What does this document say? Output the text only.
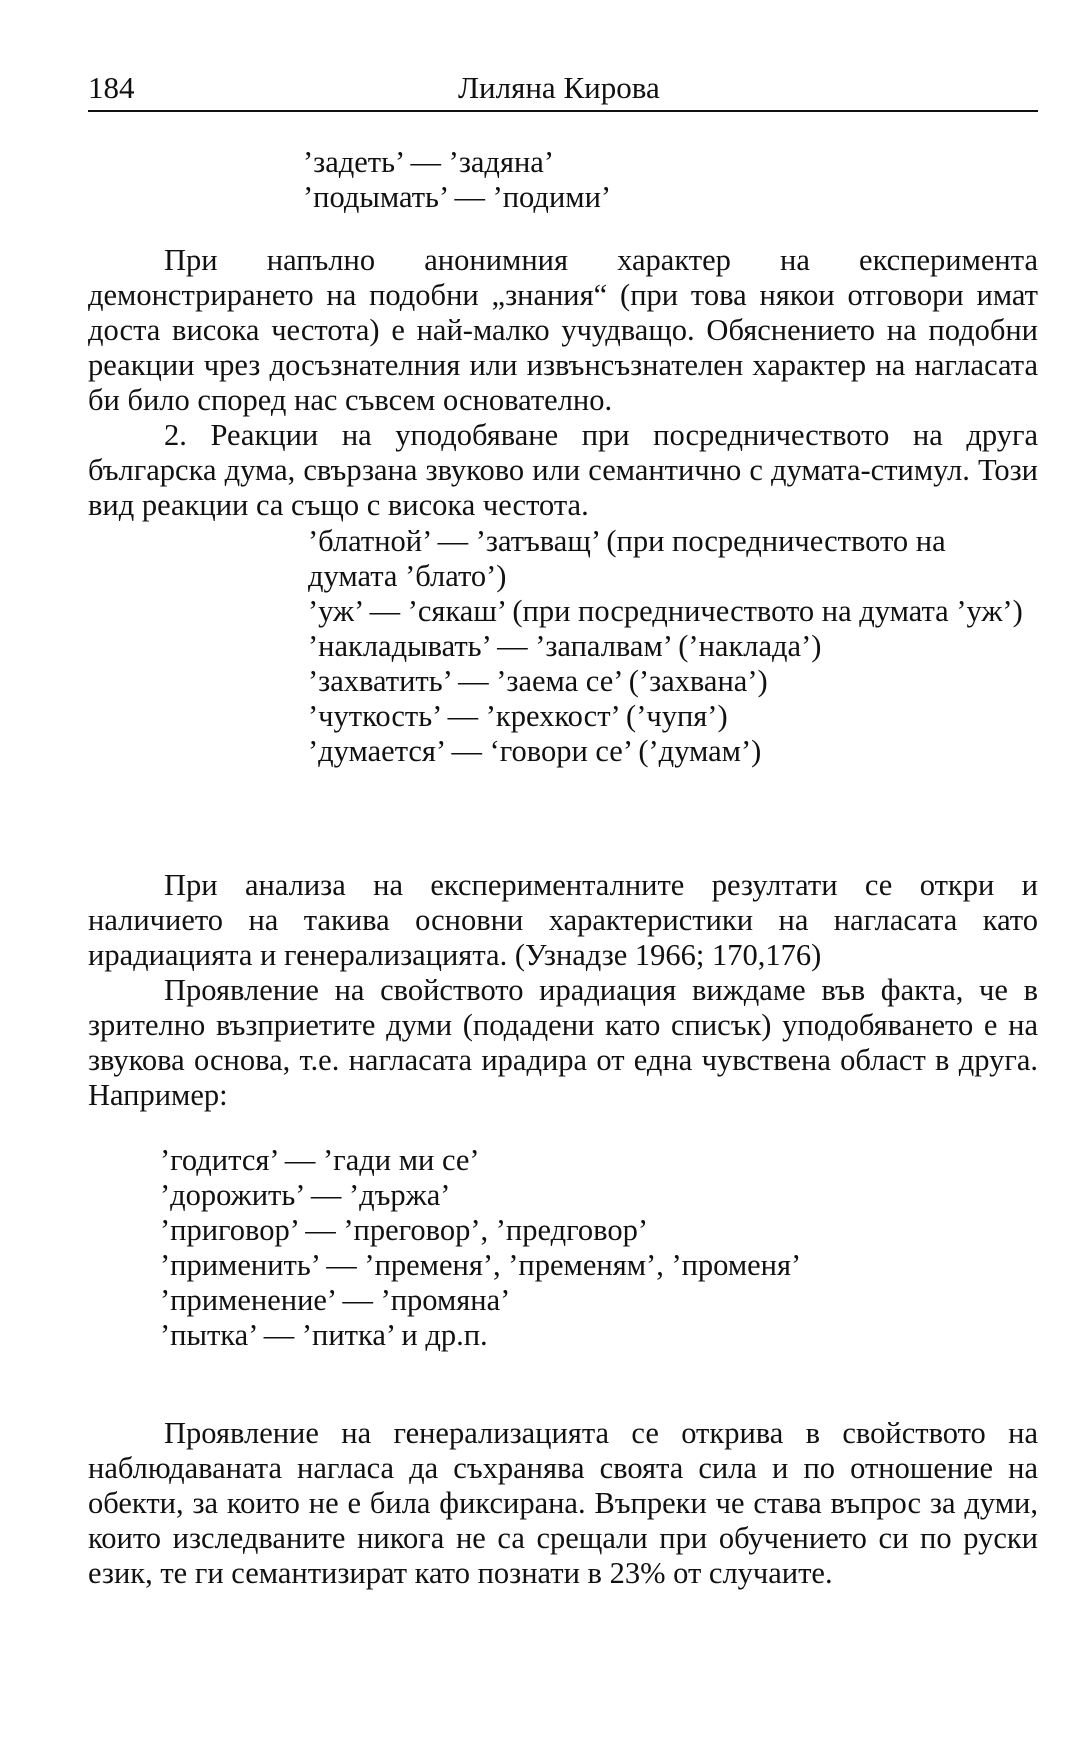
184	Лиляна Кирова

’задеть’ — ’задяна’

’подымать’ — ’подими’

При напълно анонимния характер на експеримента демонстрирането на подобни „знания“ (при това някои отговори имат доста висока честота) е най-малко учудващо. Обяснението на подобни реакции чрез досъзнателния или извънсъзнателен характер на нагласата би било според нас съвсем основателно.

2. Реакции на уподобяване при посредничеството на друга българска дума, свързана звуково или семантично с думата-стимул. Този вид реакции са също с висока честота.

’блатной’ — ’затъващ’ (при посредничеството на думата ’блато’)

’уж’ — ’сякаш’ (при посредничеството на думата ’уж’)

’накладывать’ — ’запалвам’ (’наклада’)

’захватить’ — ’заема се’ (’захвана’)

’чуткость’ — ’крехкост’ (’чупя’)

’думается’ — ‘говори се’ (’думам’)

При анализа на експерименталните резултати се откри и наличието на такива основни характеристики на нагласата като ирадиацията и генерализацията. (Узнадзе 1966; 170,176)

Проявление на свойството ирадиация виждаме във факта, че в зрително възприетите думи (подадени като списък) уподобяването е на звукова основа, т.е. нагласата ирадира от една чувствена област в друга. Например:

’годится’ — ’гади ми се’

’дорожить’ — ’държа’

’приговор’ — ’преговор’, ’предговор’

’применить’ — ’пременя’, ’пременям’, ’променя’

’применение’ — ’промяна’

’пытка’ — ’питка’ и др.п.

Проявление на генерализацията се открива в свойството на наблюдаваната нагласа да съхранява своята сила и по отношение на обекти, за които не е била фиксирана. Въпреки че става въпрос за думи, които изследваните никога не са срещали при обучението си по руски език, те ги семантизират като познати в 23% от случаите.
